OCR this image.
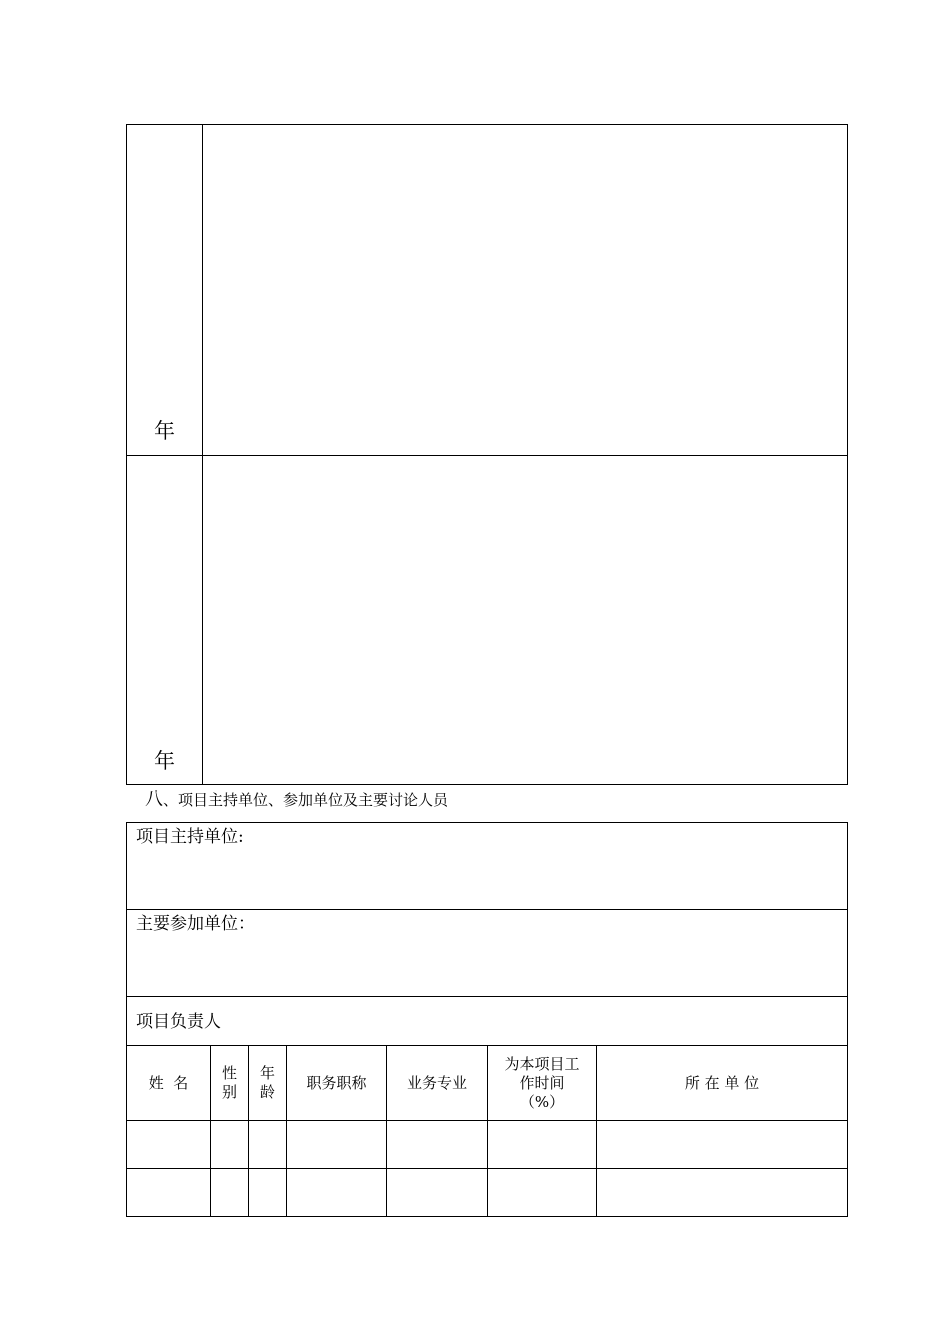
年
年
八、项目主持单位、参加单位及主要讨论人员
项目主持单位:
主要参加单位：
项目负责人
姓  名
性
别
年
龄
职务职称	业务专业
为本项目工
作时间
（%）
所 在 单 位
